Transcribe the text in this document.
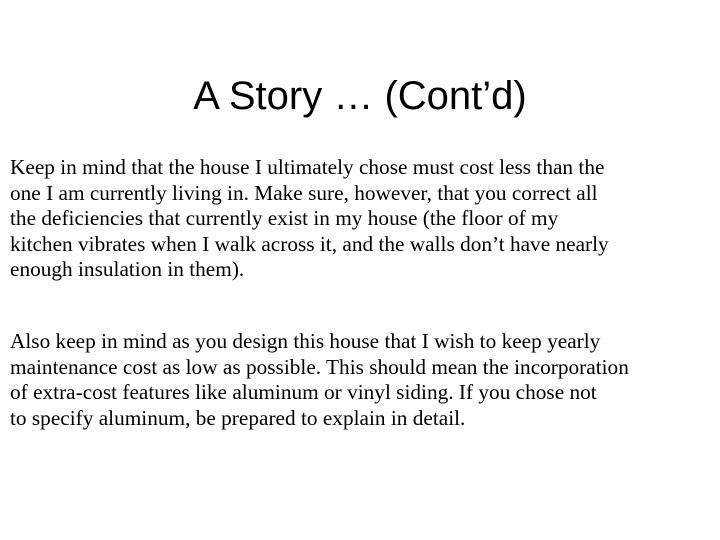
A Story … (Cont’d)

Keep in mind that the house I ultimately chose must cost less than the
one I am currently living in. Make sure, however, that you correct all
the deficiencies that currently exist in my house (the floor of my
kitchen vibrates when I walk across it, and the walls don’t have nearly
enough insulation in them).

Also keep in mind as you design this house that I wish to keep yearly
maintenance cost as low as possible. This should mean the incorporation
of extra-cost features like aluminum or vinyl siding. If you chose not
to specify aluminum, be prepared to explain in detail.
